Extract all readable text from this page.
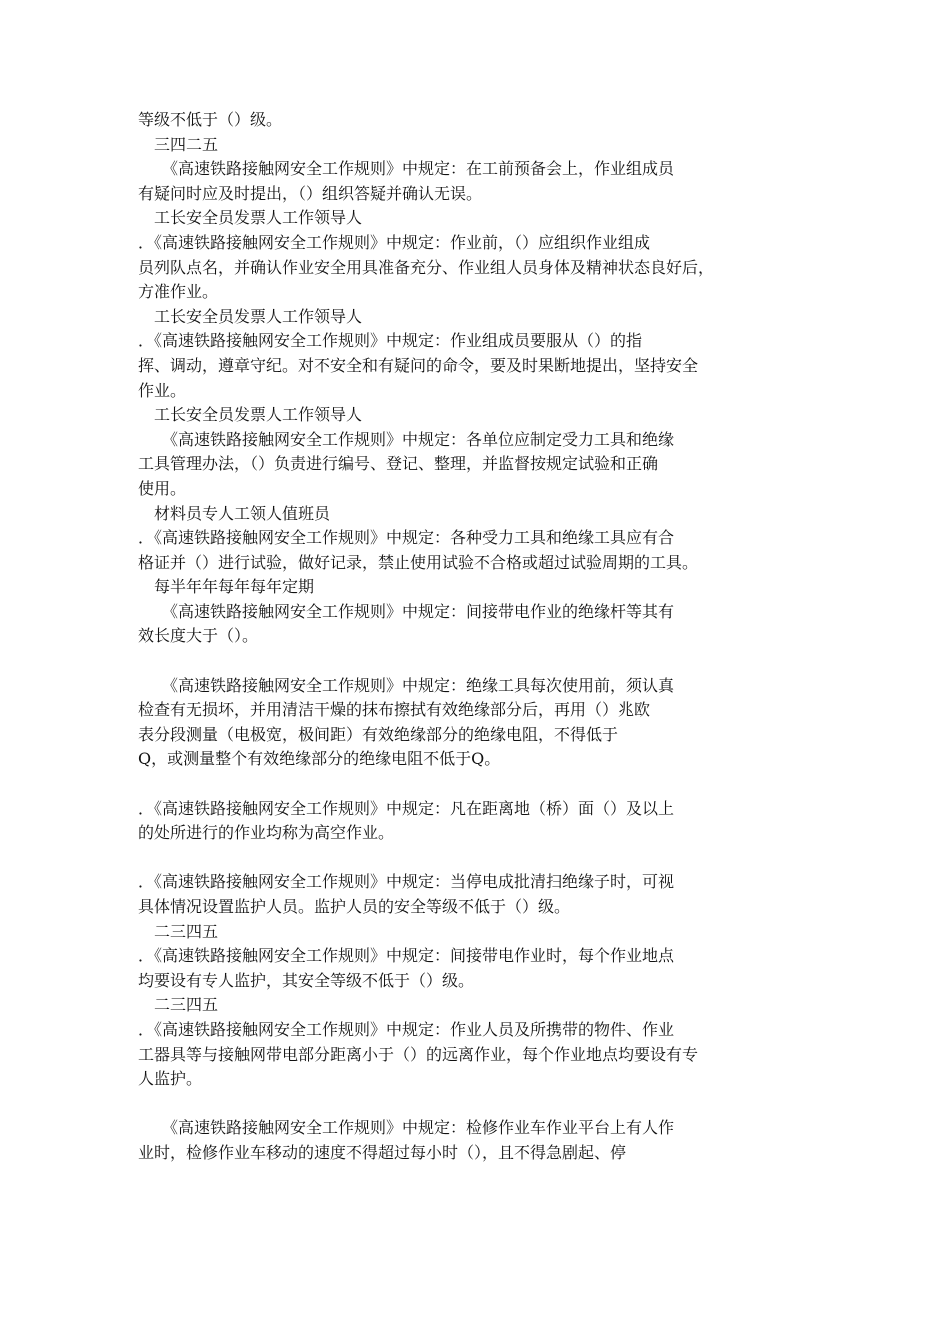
等级不低于（）级。
　三四二五
　　《高速铁路接触网安全工作规则》中规定：在工前预备会上，作业组成员
有疑问时应及时提出，（）组织答疑并确认无误。
　工长安全员发票人工作领导人
．《高速铁路接触网安全工作规则》中规定：作业前，（）应组织作业组成
员列队点名，并确认作业安全用具准备充分、作业组人员身体及精神状态良好后，
方准作业。
　工长安全员发票人工作领导人
．《高速铁路接触网安全工作规则》中规定：作业组成员要服从（）的指
挥、调动，遵章守纪。对不安全和有疑问的命令，要及时果断地提出，坚持安全
作业。
　工长安全员发票人工作领导人
　　《高速铁路接触网安全工作规则》中规定：各单位应制定受力工具和绝缘
工具管理办法，（）负责进行编号、登记、整理，并监督按规定试验和正确
使用。
　材料员专人工领人值班员
．《高速铁路接触网安全工作规则》中规定：各种受力工具和绝缘工具应有合
格证并（）进行试验，做好记录，禁止使用试验不合格或超过试验周期的工具。
　每半年年每年每年定期
　　《高速铁路接触网安全工作规则》中规定：间接带电作业的绝缘杆等其有
效长度大于（）。
　　《高速铁路接触网安全工作规则》中规定：绝缘工具每次使用前，须认真
检查有无损坏，并用清洁干燥的抹布擦拭有效绝缘部分后，再用（）兆欧
表分段测量（电极宽，极间距）有效绝缘部分的绝缘电阻，不得低于
Q，或测量整个有效绝缘部分的绝缘电阻不低于Q。
．《高速铁路接触网安全工作规则》中规定：凡在距离地（桥）面（）及以上
的处所进行的作业均称为高空作业。
．《高速铁路接触网安全工作规则》中规定：当停电成批清扫绝缘子时，可视
具体情况设置监护人员。监护人员的安全等级不低于（）级。
　二三四五
．《高速铁路接触网安全工作规则》中规定：间接带电作业时，每个作业地点
均要设有专人监护，其安全等级不低于（）级。
　二三四五
．《高速铁路接触网安全工作规则》中规定：作业人员及所携带的物件、作业
工器具等与接触网带电部分距离小于（）的远离作业，每个作业地点均要设有专
人监护。
　　《高速铁路接触网安全工作规则》中规定：检修作业车作业平台上有人作
业时，检修作业车移动的速度不得超过每小时（），且不得急剧起、停
